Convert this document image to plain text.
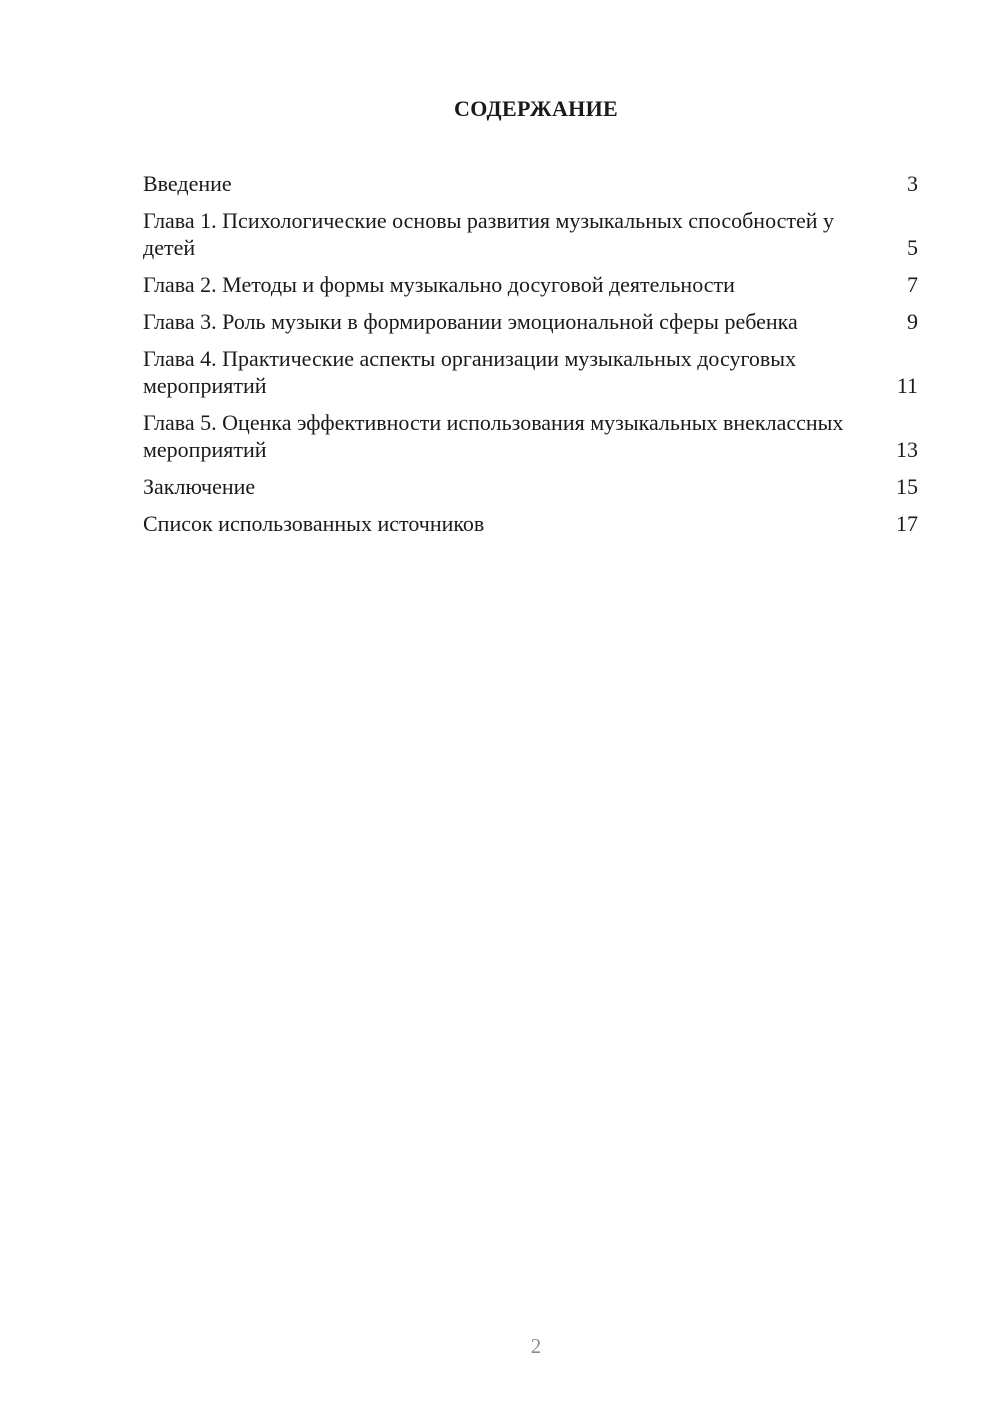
СОДЕРЖАНИЕ
Введение	3
Глава 1. Психологические основы развития музыкальных способностей у детей	5
Глава 2. Методы и формы музыкально досуговой деятельности	7
Глава 3. Роль музыки в формировании эмоциональной сферы ребенка	9
Глава 4. Практические аспекты организации музыкальных досуговых мероприятий	11
Глава 5. Оценка эффективности использования музыкальных внеклассных мероприятий	13
Заключение	15
Список использованных источников	17
2
